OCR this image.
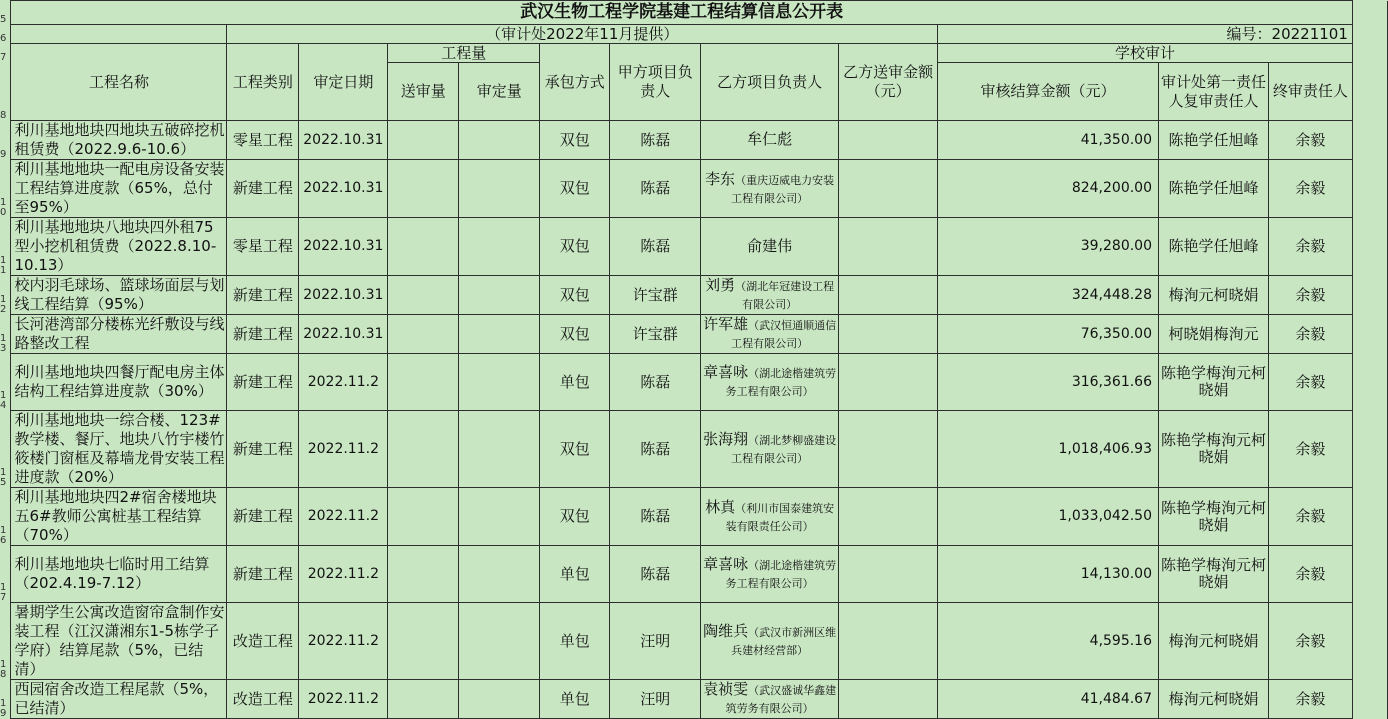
5	武汉生物工程学院基建工程结算信息公开表												
6		（审计处2022年11月提供）								编号：20221101			
7	工程名称	工程类别	审定日期	工程量		承包方式	甲方项目负责人	乙方项目负责人	乙方送审金额（元）	学校审计			
8				送审量	审定量					审核结算金额（元）	审计处第一责任人复审责任人	终审责任人	
9	利川基地地块四地块五破碎挖机租赁费（2022.9.6-10.6）	零星工程	2022.10.31			双包	陈磊	牟仁彪		41,350.00	陈艳学任旭峰	余毅	
10	利川基地地块一配电房设备安装工程结算进度款（65%，总付至95%）	新建工程	2022.10.31			双包	陈磊	李东（重庆迈威电力安装工程有限公司）		824,200.00	陈艳学任旭峰	余毅	
11	利川基地地块八地块四外租75型小挖机租赁费（2022.8.10-10.13）	零星工程	2022.10.31			双包	陈磊	俞建伟		39,280.00	陈艳学任旭峰	余毅	
12	校内羽毛球场、篮球场面层与划线工程结算（95%）	新建工程	2022.10.31			双包	许宝群	刘勇（湖北年冠建设工程有限公司）		324,448.28	梅洵元柯晓娟	余毅	
13	长河港湾部分楼栋光纤敷设与线路整改工程	新建工程	2022.10.31			双包	许宝群	许军雄（武汉恒通顺通信工程有限公司）		76,350.00	柯晓娟梅洵元	余毅	
14	利川基地地块四餐厅配电房主体结构工程结算进度款（30%）	新建工程	2022.11.2			单包	陈磊	章喜咏（湖北途楷建筑劳务工程有限公司）		316,361.66	陈艳学梅洵元柯晓娟	余毅	
15	利川基地地块一综合楼、123#教学楼、餐厅、地块八竹宇楼竹筱楼门窗框及幕墙龙骨安装工程进度款（20%）	新建工程	2022.11.2			双包	陈磊	张海翔（湖北梦柳盛建设工程有限公司）		1,018,406.93	陈艳学梅洵元柯晓娟	余毅	
16	利川基地地块四2#宿舍楼地块五6#教师公寓桩基工程结算（70%）	新建工程	2022.11.2			双包	陈磊	林真（利川市国泰建筑安装有限责任公司）		1,033,042.50	陈艳学梅洵元柯晓娟	余毅	
17	利川基地地块七临时用工结算（202.4.19-7.12）	新建工程	2022.11.2			单包	陈磊	章喜咏（湖北途楷建筑劳务工程有限公司）		14,130.00	陈艳学梅洵元柯晓娟	余毅	
18	暑期学生公寓改造窗帘盒制作安装工程（江汉潇湘东1-5栋学子学府）结算尾款（5%，已结清）	改造工程	2022.11.2			单包	汪明	陶维兵（武汉市新洲区维兵建材经营部）		4,595.16	梅洵元柯晓娟	余毅	
19	西园宿舍改造工程尾款（5%，已结清）	改造工程	2022.11.2			单包	汪明	袁祯雯（武汉盛诚华鑫建筑劳务有限公司）		41,484.67	梅洵元柯晓娟	余毅	
